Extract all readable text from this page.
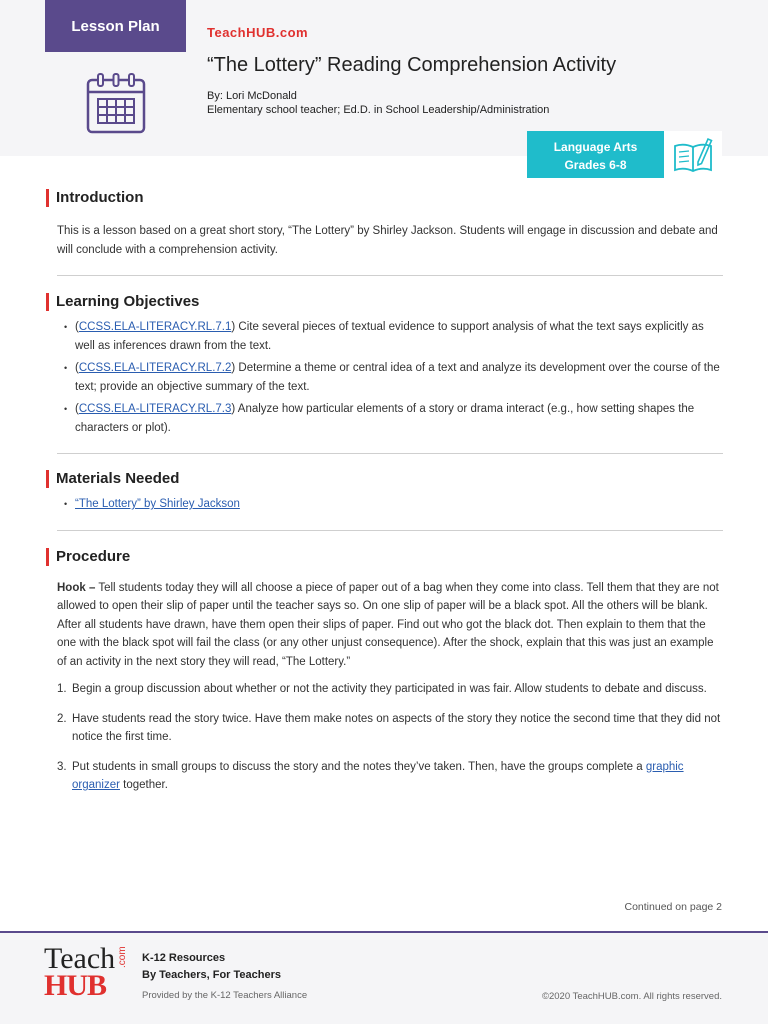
Lesson Plan	TeachHUB.com
“The Lottery” Reading Comprehension Activity
By: Lori McDonald
Elementary school teacher; Ed.D. in School Leadership/Administration
Language Arts
Grades 6-8
Introduction

This is a lesson based on a great short story, “The Lottery” by Shirley Jackson. Students will engage in discussion and debate and will conclude with a comprehension activity.

Learning Objectives
• (CCSS.ELA-LITERACY.RL.7.1) Cite several pieces of textual evidence to support analysis of what the text says explicitly as well as inferences drawn from the text.
• (CCSS.ELA-LITERACY.RL.7.2) Determine a theme or central idea of a text and analyze its development over the course of the text; provide an objective summary of the text.
• (CCSS.ELA-LITERACY.RL.7.3) Analyze how particular elements of a story or drama interact (e.g., how setting shapes the characters or plot).
Materials Needed
• “The Lottery” by Shirley Jackson
Procedure

Hook – Tell students today they will all choose a piece of paper out of a bag when they come into class. Tell them that they are not allowed to open their slip of paper until the teacher says so. On one slip of paper will be a black spot. All the others will be blank. After all students have drawn, have them open their slips of paper. Find out who got the black dot. Then explain to them that the one with the black spot will fail the class (or any other unjust consequence). After the shock, explain that this was just an example of an activity in the next story they will read, “The Lottery.”

1. Begin a group discussion about whether or not the activity they participated in was fair. Allow students to debate and discuss.
2. Have students read the story twice. Have them make notes on aspects of the story they notice the second time that they did not notice the first time.
3. Put students in small groups to discuss the story and the notes they’ve taken. Then, have the groups complete a graphic organizer together.
Continued on page 2
Teach
HUB
.com K-12 Resources
By Teachers, For Teachers
Provided by the K-12 Teachers Alliance	©2020 TeachHUB.com. All rights reserved.
